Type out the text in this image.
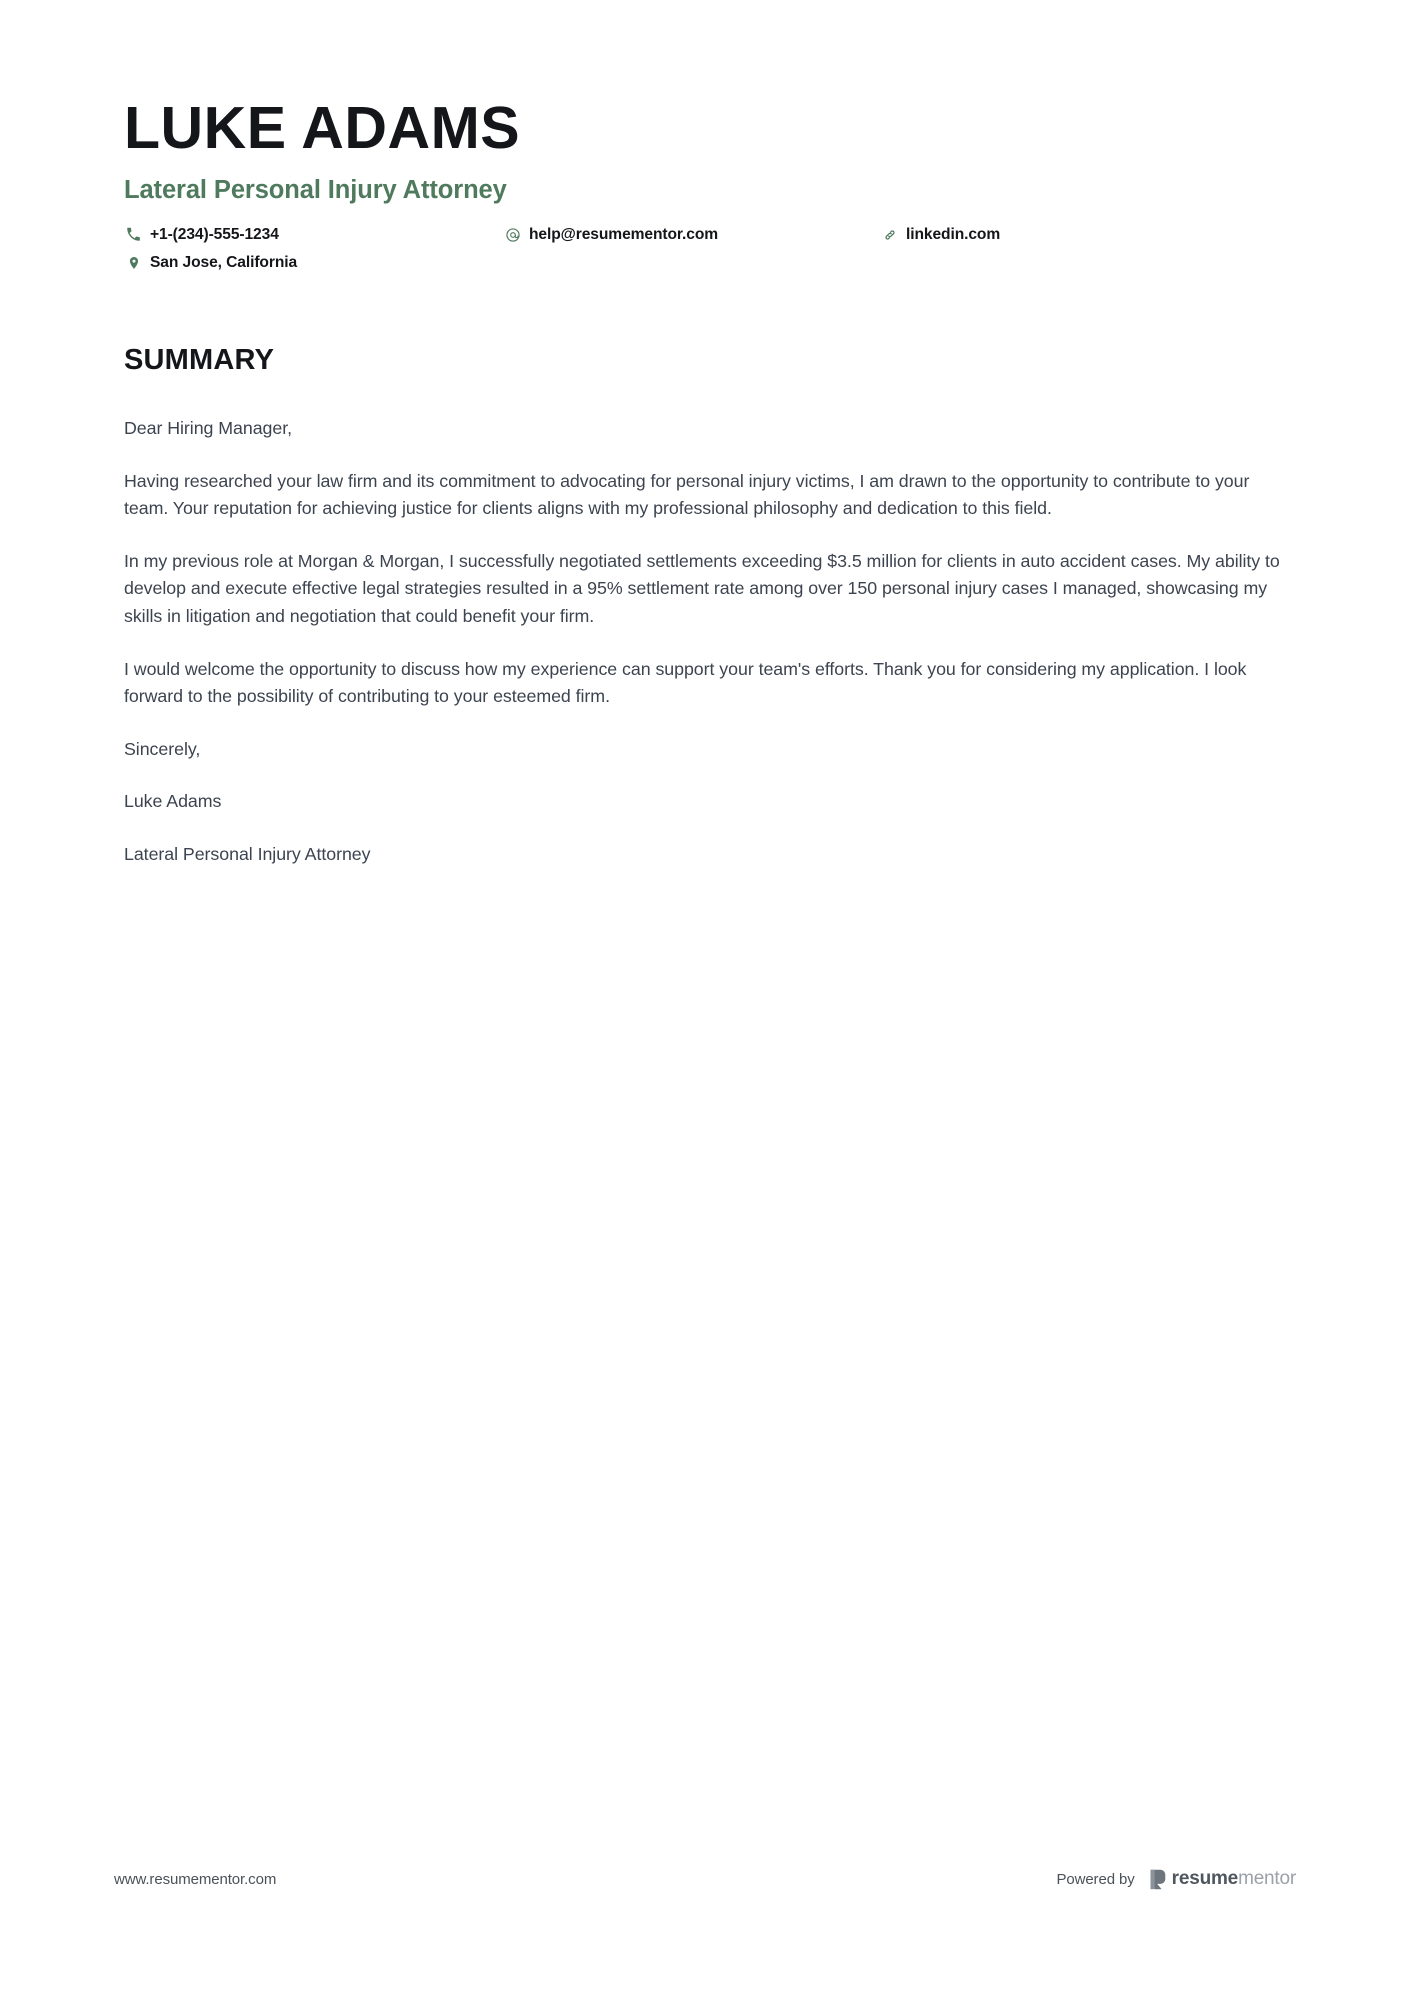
LUKE ADAMS
Lateral Personal Injury Attorney
+1-(234)-555-1234	help@resumementor.com	linkedin.com
San Jose, California
SUMMARY

Dear Hiring Manager,

Having researched your law firm and its commitment to advocating for personal injury victims, I am drawn to the opportunity to contribute to your team. Your reputation for achieving justice for clients aligns with my professional philosophy and dedication to this field.

In my previous role at Morgan & Morgan, I successfully negotiated settlements exceeding $3.5 million for clients in auto accident cases. My ability to develop and execute effective legal strategies resulted in a 95% settlement rate among over 150 personal injury cases I managed, showcasing my skills in litigation and negotiation that could benefit your firm.

I would welcome the opportunity to discuss how my experience can support your team's efforts. Thank you for considering my application. I look forward to the possibility of contributing to your esteemed firm.

Sincerely,

Luke Adams

Lateral Personal Injury Attorney

www.resumementor.com	Powered by resumementor
